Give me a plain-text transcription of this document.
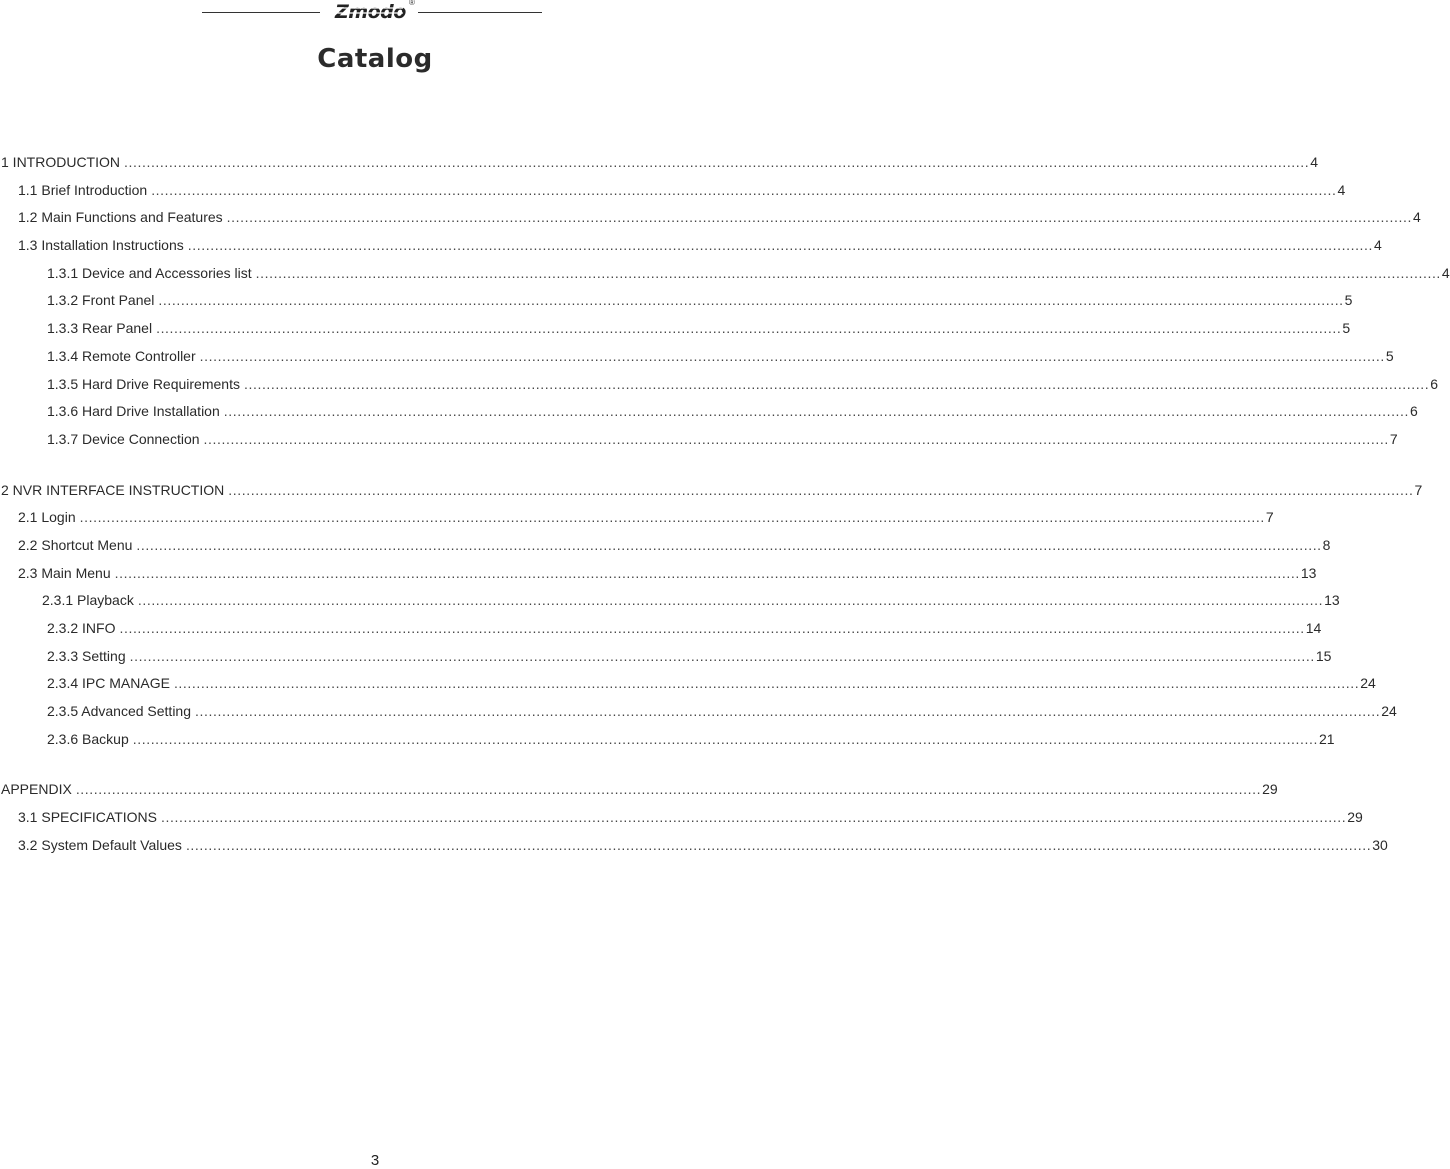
Zmodo ®
Catalog
1 INTRODUCTION .....	4
1.1 Brief Introduction .....	4
1.2 Main Functions and Features .....	4
1.3 Installation Instructions .....	4
1.3.1 Device and Accessories list .....	4
1.3.2 Front Panel .....	5
1.3.3 Rear Panel .....	5
1.3.4 Remote Controller .....	5
1.3.5 Hard Drive Requirements .....	6
1.3.6 Hard Drive Installation .....	6
1.3.7 Device Connection .....	7
2 NVR INTERFACE INSTRUCTION .....	7
2.1 Login .....	7
2.2 Shortcut Menu .....	8
2.3 Main Menu .....	13
2.3.1 Playback .....	13
2.3.2 INFO .....	14
2.3.3 Setting .....	15
2.3.4 IPC MANAGE .....	24
2.3.5 Advanced Setting .....	24
2.3.6 Backup .....	21
APPENDIX .....	29
3.1 SPECIFICATIONS .....	29
3.2 System Default Values .....	30
3
